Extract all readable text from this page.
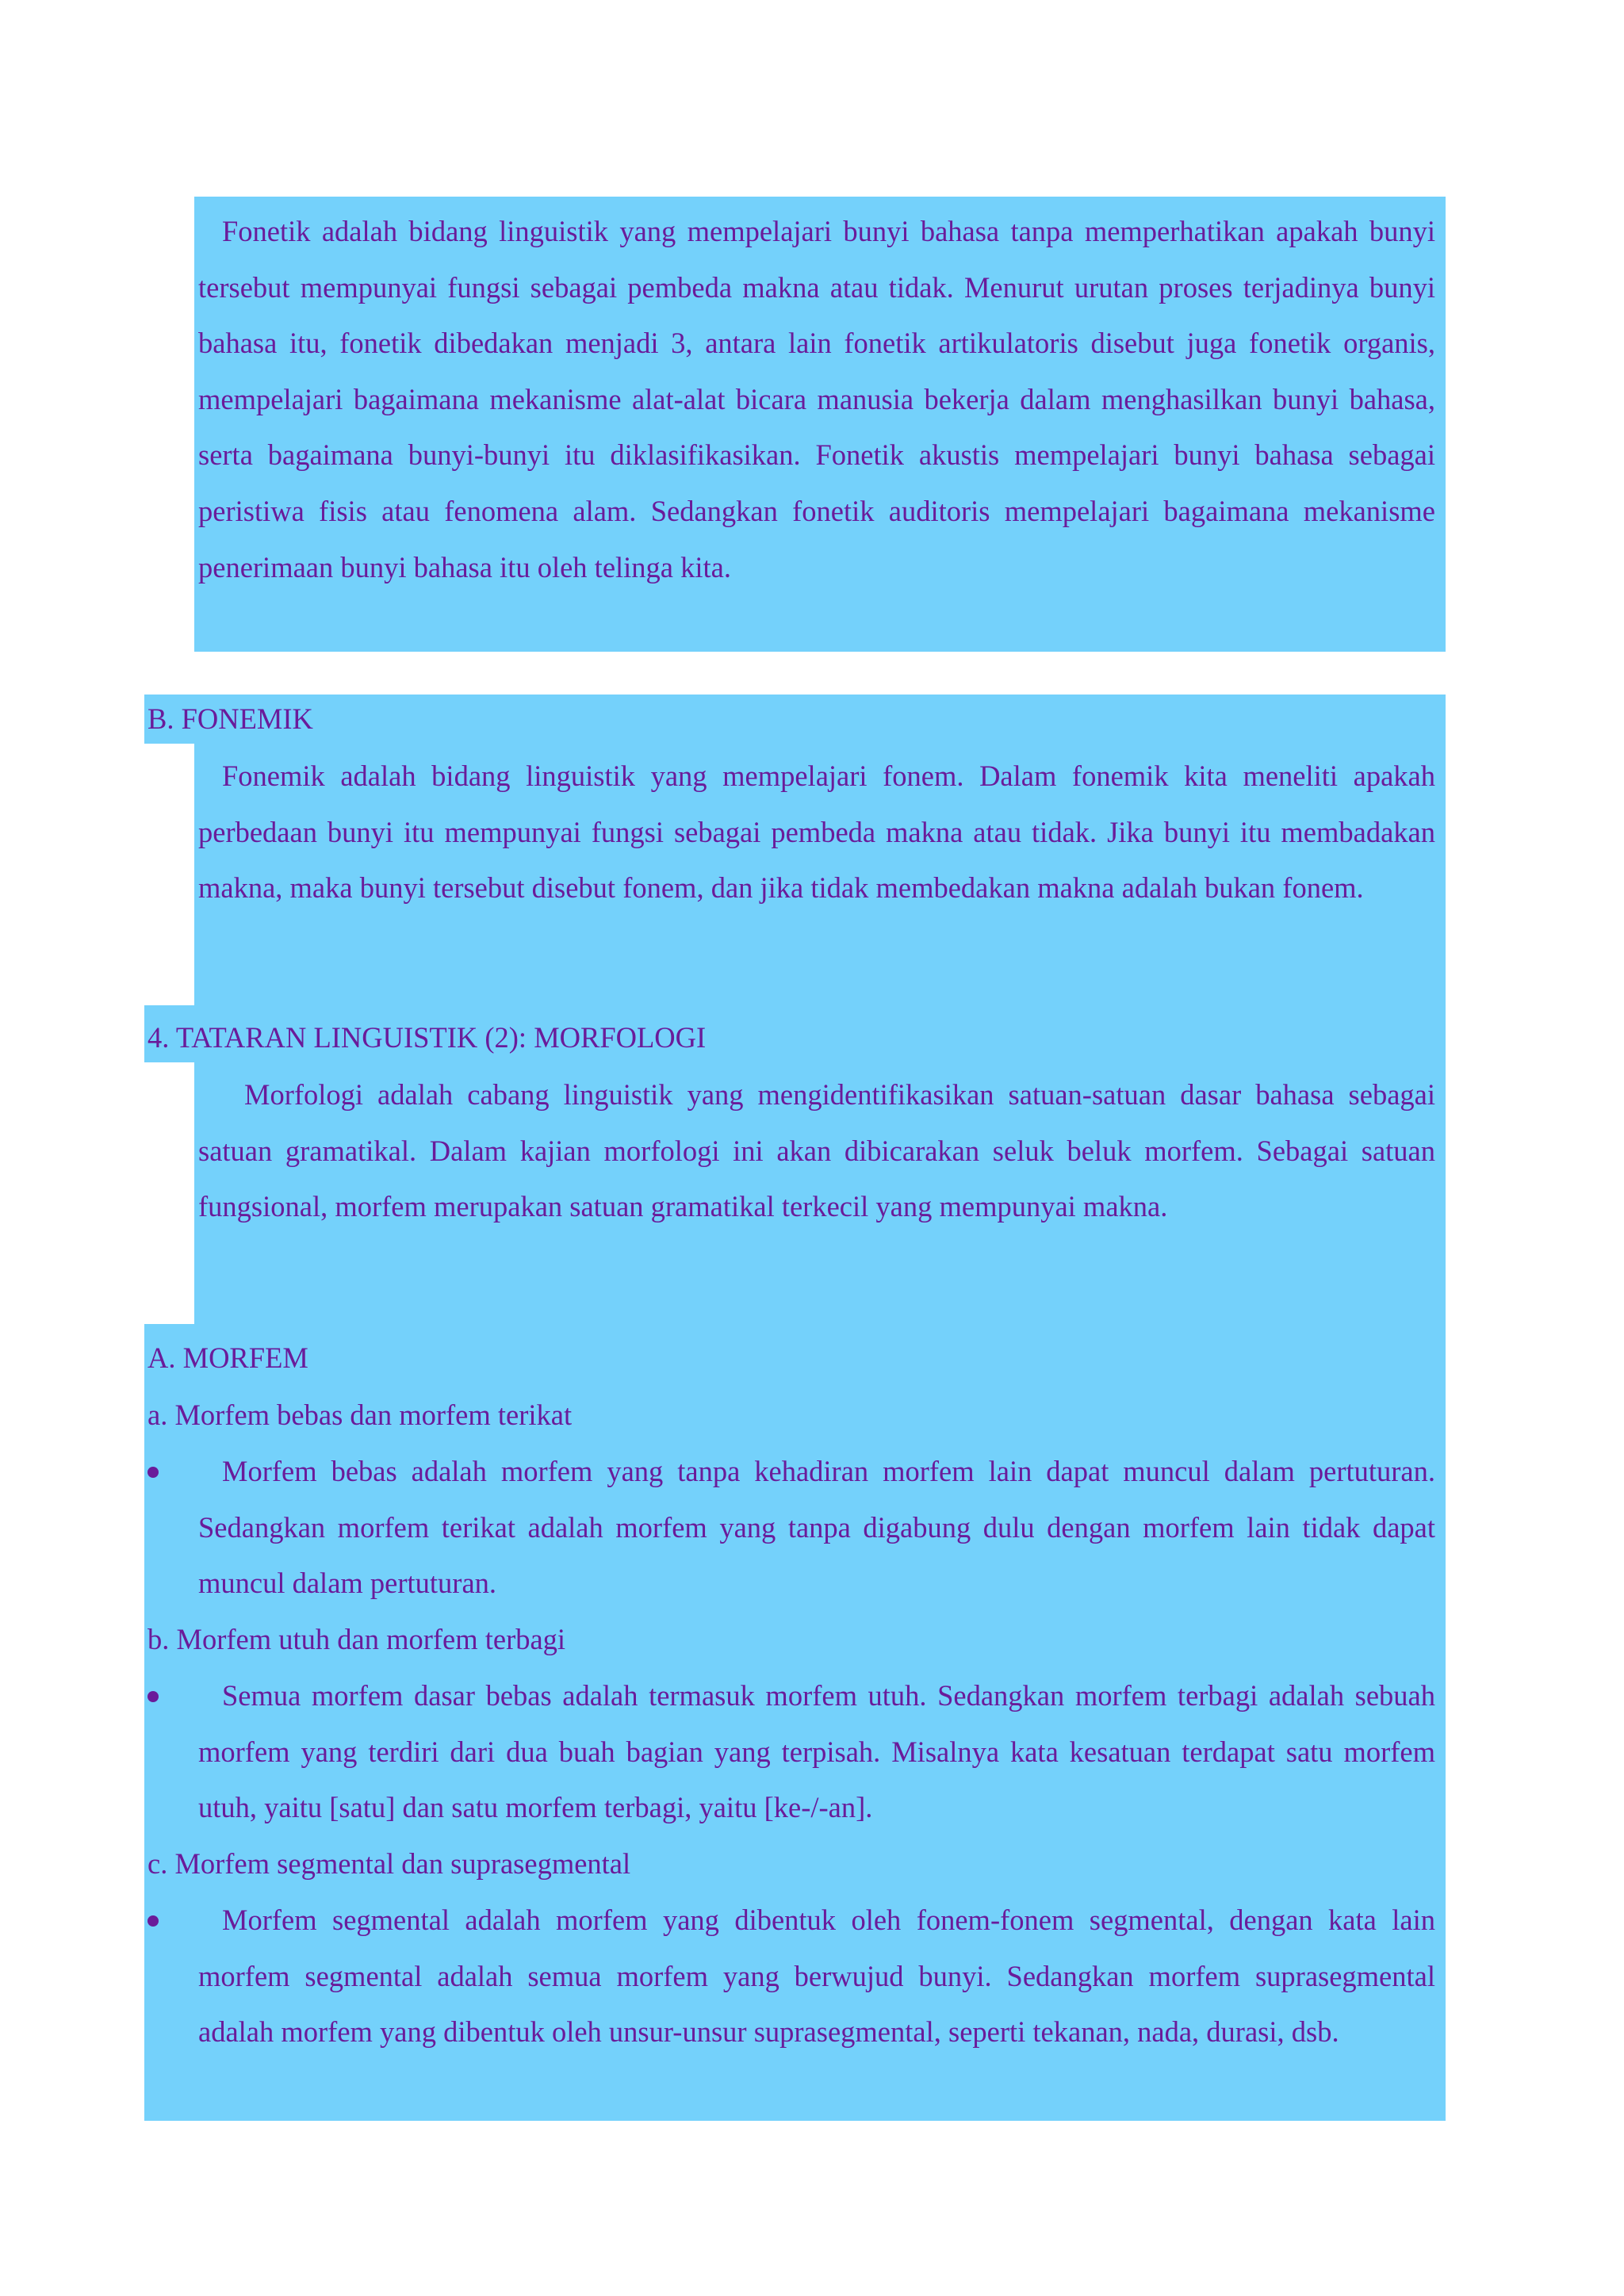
Fonetik adalah bidang linguistik yang mempelajari bunyi bahasa tanpa memperhatikan apakah bunyi tersebut mempunyai fungsi sebagai pembeda makna atau tidak. Menurut urutan proses terjadinya bunyi bahasa itu, fonetik dibedakan menjadi 3, antara lain fonetik artikulatoris disebut juga fonetik organis, mempelajari bagaimana mekanisme alat-alat bicara manusia bekerja dalam menghasilkan bunyi bahasa, serta bagaimana bunyi-bunyi itu diklasifikasikan. Fonetik akustis mempelajari bunyi bahasa sebagai peristiwa fisis atau fenomena alam. Sedangkan fonetik auditoris mempelajari bagaimana mekanisme penerimaan bunyi bahasa itu oleh telinga kita.

B. FONEMIK

Fonemik adalah bidang linguistik yang mempelajari fonem. Dalam fonemik kita meneliti apakah perbedaan bunyi itu mempunyai fungsi sebagai pembeda makna atau tidak. Jika bunyi itu membadakan makna, maka bunyi tersebut disebut fonem, dan jika tidak membedakan makna adalah bukan fonem.

4. TATARAN LINGUISTIK (2): MORFOLOGI

Morfologi adalah cabang linguistik yang mengidentifikasikan satuan-satuan dasar bahasa sebagai satuan gramatikal. Dalam kajian morfologi ini akan dibicarakan seluk beluk morfem. Sebagai satuan fungsional, morfem merupakan satuan gramatikal terkecil yang mempunyai makna.

A. MORFEM
a. Morfem bebas dan morfem terikat

Morfem bebas adalah morfem yang tanpa kehadiran morfem lain dapat muncul dalam pertuturan. Sedangkan morfem terikat adalah morfem yang tanpa digabung dulu dengan morfem lain tidak dapat muncul dalam pertuturan.

b. Morfem utuh dan morfem terbagi

Semua morfem dasar bebas adalah termasuk morfem utuh. Sedangkan morfem terbagi adalah sebuah morfem yang terdiri dari dua buah bagian yang terpisah. Misalnya kata kesatuan terdapat satu morfem utuh, yaitu [satu] dan satu morfem terbagi, yaitu [ke-/-an].

c. Morfem segmental dan suprasegmental

Morfem segmental adalah morfem yang dibentuk oleh fonem-fonem segmental, dengan kata lain morfem segmental adalah semua morfem yang berwujud bunyi. Sedangkan morfem suprasegmental adalah morfem yang dibentuk oleh unsur-unsur suprasegmental, seperti tekanan, nada, durasi, dsb.
